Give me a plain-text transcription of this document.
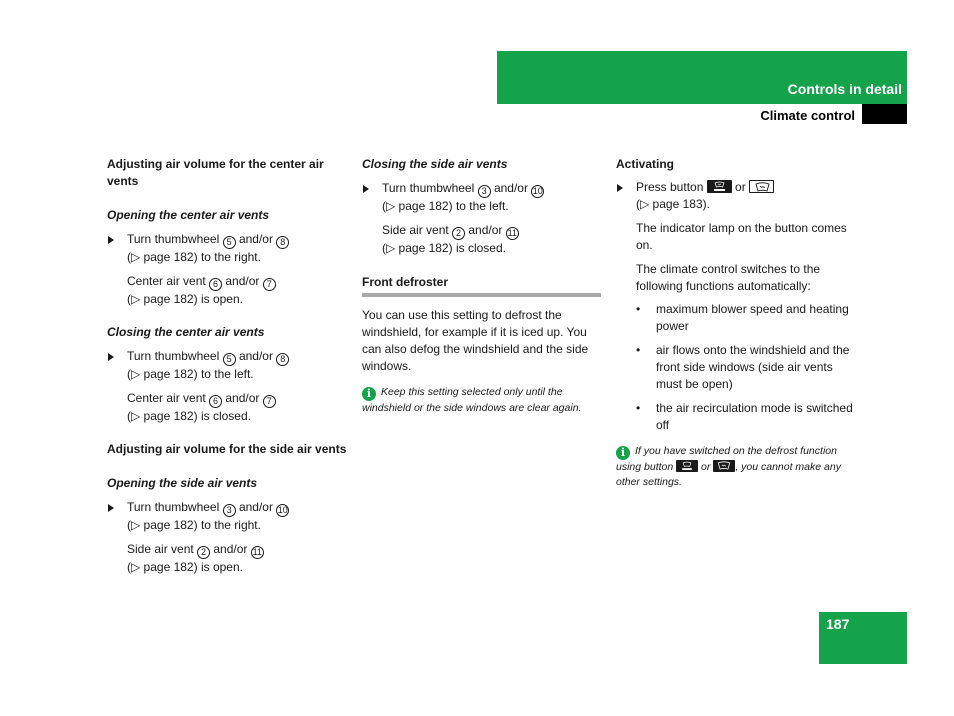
Controls in detail
Climate control
Adjusting air volume for the center air vents
Opening the center air vents
Turn thumbwheel 5 and/or 8
(▷ page 182) to the right.
Center air vent 6 and/or 7
(▷ page 182) is open.
Closing the center air vents
Turn thumbwheel 5 and/or 8
(▷ page 182) to the left.
Center air vent 6 and/or 7
(▷ page 182) is closed.
Adjusting air volume for the side air vents
Opening the side air vents
Turn thumbwheel 3 and/or 10
(▷ page 182) to the right.
Side air vent 2 and/or 11
(▷ page 182) is open.
Closing the side air vents
Turn thumbwheel 3 and/or 10
(▷ page 182) to the left.
Side air vent 2 and/or 11
(▷ page 182) is closed.
Front defroster
You can use this setting to defrost the windshield, for example if it is iced up. You can also defog the windshield and the side windows.
i Keep this setting selected only until the windshield or the side windows are clear again.
Activating
Press button
or

(▷ page 183).
The indicator lamp on the button comes on.
The climate control switches to the following functions automatically:
• maximum blower speed and heating power
• air flows onto the windshield and the front side windows (side air vents must be open)
• the air recirculation mode is switched off
i If you have switched on the defrost function using button
or
, you cannot make any other settings.
187
